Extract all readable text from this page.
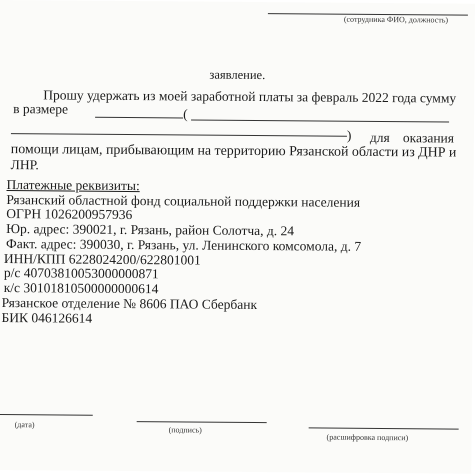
(сотрудника ФИО, должность)
заявление.
Прошу удержать из моей заработной платы за февраль 2022 года сумму
в размере	(
) для оказания
помощи лицам, прибывающим на территорию Рязанской области из ДНР и
ЛНР.
Платежные реквизиты:
Рязанский областной фонд социальной поддержки населения
ОГРН 1026200957936
Юр. адрес: 390021, г. Рязань, район Солотча, д. 24
Факт. адрес: 390030, г. Рязань, ул. Ленинского комсомола, д. 7
ИНН/КПП 6228024200/622801001
р/с 40703810053000000871
к/с 30101810500000000614
Рязанское отделение № 8606 ПАО Сбербанк
БИК 046126614
(дата)
(подпись)
(расшифровка подписи)
